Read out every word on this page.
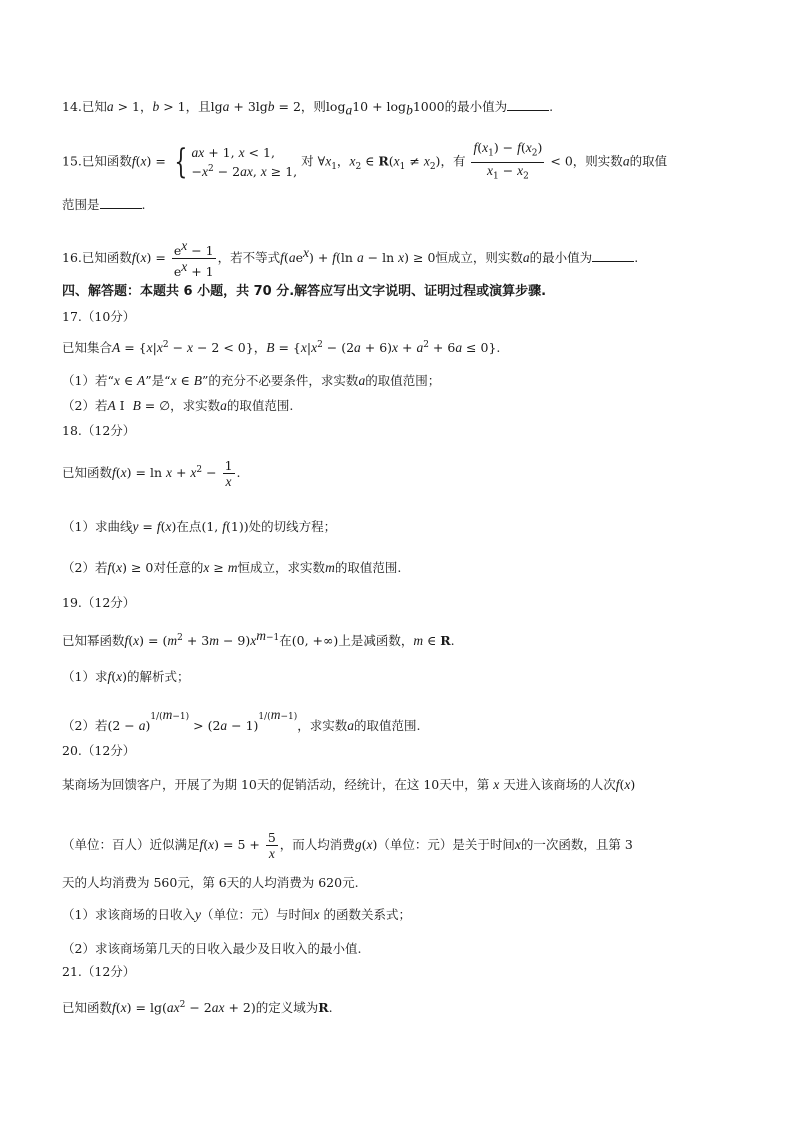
14.已知a > 1，b > 1，且lga + 3lgb = 2，则$\log_a10 + \log_b1000$的最小值为	.
15.已知函数f(x) = { ax + 1, x < 1,
$-x^2 - 2ax$, x ≥ 1,
对 $\forall x_1$，$x_2$ ∈ $R(x_1 \ne x_2)$，有 $\frac{f(x_1) - f(x_2)}{x_1 - x_2} < 0$，则实数a的取值
范围是	.
16.已知函数$f(x) = \frac{e^x - 1}{e^x + 1}$ ，若不等式$f(ae^x) + f(\ln$ a − ln x) ≥ 0恒成立，则实数a的最小值为	.
四、解答题：本题共 6 小题，共 70 分.解答应写出文字说明、证明过程或演算步骤.
17.（10分）
已知集合$A = \{x|x^2 - x - 2 < 0\}$，$B = \{x|x^2 - (2a + 6)x + a^2 + 6a \le 0\}$.
（1）若“x ∈ A”是“x ∈ B”的充分不必要条件，求实数a的取值范围；
（2）若A I  B = ∅，求实数a的取值范围.
18.（12分）
已知函数$f(x) = \ln x + x^2 - \frac{1}{x}$ .
（1）求曲线y = f(x)在点(1, f(1))处的切线方程；
（2）若f(x) ≥ 0对任意的x ≥ m恒成立，求实数m的取值范围.
19.（12分）
已知幂函数$f(x) = (m^2 + 3m - 9)x^{m-1}$在(0, +∞)上是减函数，m ∈ R.
（1）求f(x)的解析式；
（2）若$(2 - a)^{1/(m-1)} > (2a - 1)^{1/(m-1)}$，求实数a的取值范围.
20.（12分）
某商场为回馈客户，开展了为期 10天的促销活动，经统计，在这 10天中，第 x 天进入该商场的人次f(x)
（单位：百人）近似满足$f(x) = 5 + \frac{5}{x}$ ，而人均消费g(x)（单位：元）是关于时间x的一次函数，且第 3
天的人均消费为 560元，第 6天的人均消费为 620元.
（1）求该商场的日收入y（单位：元）与时间x 的函数关系式；
（2）求该商场第几天的日收入最少及日收入的最小值.
21.（12分）
已知函数$f(x) = \lg(ax^2 - 2ax + 2)$的定义域为R.
